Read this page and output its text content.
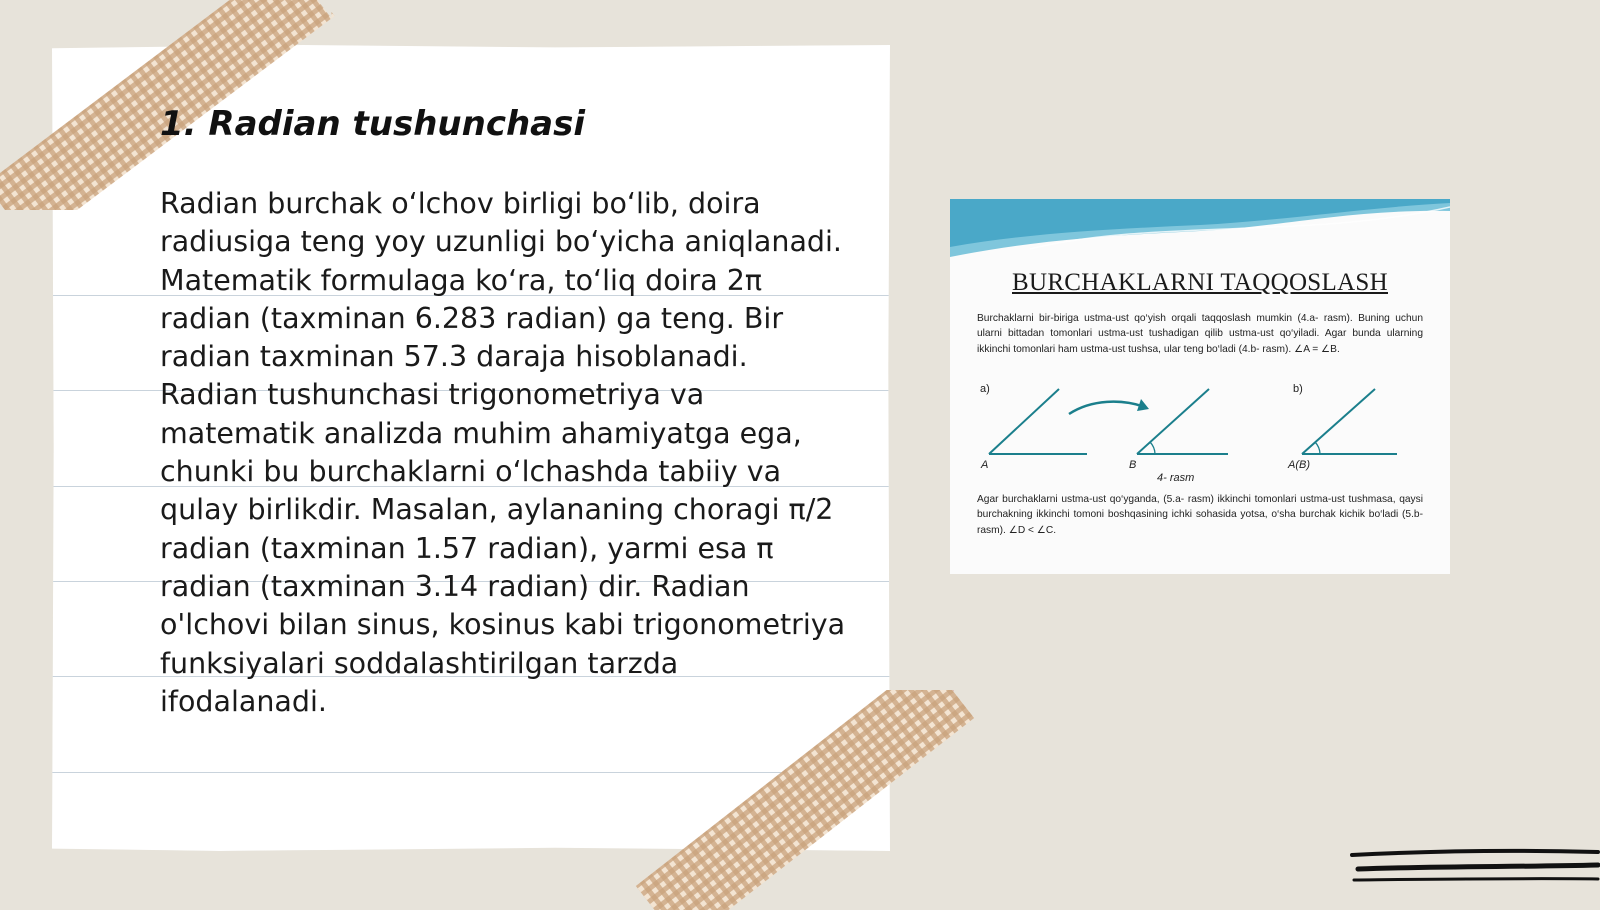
1. Radian tushunchasi

Radian burchak o‘lchov birligi bo‘lib, doira radiusiga teng yoy uzunligi bo‘yicha aniqlanadi. Matematik formulaga ko‘ra, to‘liq doira 2π radian (taxminan 6.283 radian) ga teng. Bir radian taxminan 57.3 daraja hisoblanadi. Radian tushunchasi trigonometriya va matematik analizda muhim ahamiyatga ega, chunki bu burchaklarni o‘lchashda tabiiy va qulay birlikdir. Masalan, aylananing choragi π/2 radian (taxminan 1.57 radian), yarmi esa π radian (taxminan 3.14 radian) dir. Radian o'lchovi bilan sinus, kosinus kabi trigonometriya funksiyalari soddalashtirilgan tarzda ifodalanadi.

BURCHAKLARNI TAQQOSLASH

Burchaklarni bir-biriga ustma-ust qo‘yish orqali taqqoslash mumkin (4.a- rasm). Buning uchun ularni bittadan tomonlari ustma-ust tushadigan qilib ustma-ust qo‘yiladi. Agar bunda ularning ikkinchi tomonlari ham ustma-ust tushsa, ular teng bo‘ladi (4.b- rasm). ∠A = ∠B.

a)	b)
A	B
4- rasm
A(B)

Agar burchaklarni ustma-ust qo‘yganda, (5.a- rasm) ikkinchi tomonlari ustma-ust tushmasa, qaysi burchakning ikkinchi tomoni boshqasining ichki sohasida yotsa, o‘sha burchak kichik bo‘ladi (5.b- rasm). ∠D < ∠C.
